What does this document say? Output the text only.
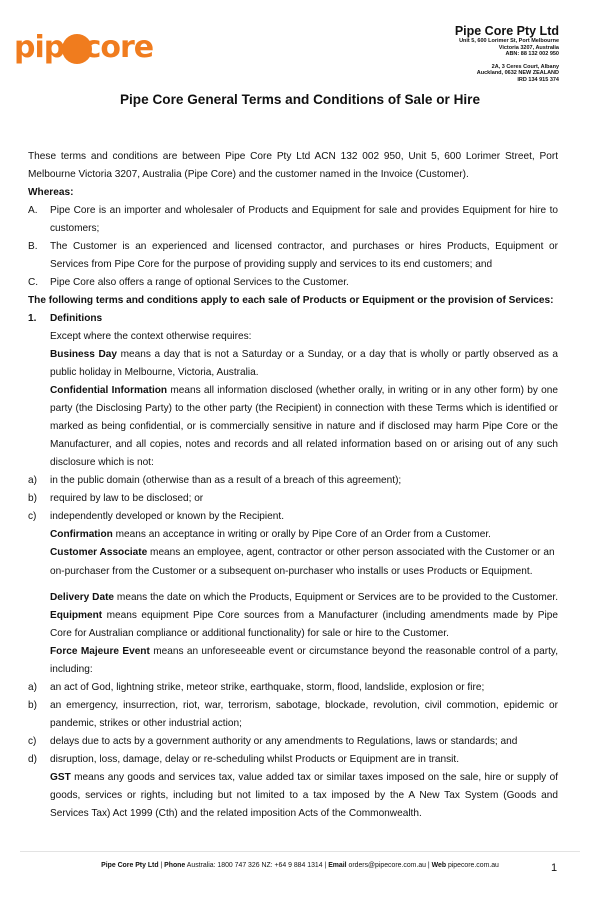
pipecore	Pipe Core Pty Ltd
Unit 5, 600 Lorimer St, Port Melbourne
Victoria 3207, Australia
ABN: 88 132 002 950
2A, 3 Ceres Court, Albany
Auckland, 0632 NEW ZEALAND
IRD 134 915 374
Pipe Core General Terms and Conditions of Sale or Hire

These terms and conditions are between Pipe Core Pty Ltd ACN 132 002 950, Unit 5, 600 Lorimer Street, Port Melbourne Victoria 3207, Australia (Pipe Core) and the customer named in the Invoice (Customer).

Whereas:

A.	Pipe Core is an importer and wholesaler of Products and Equipment for sale and provides Equipment for hire to customers;
B.	The Customer is an experienced and licensed contractor, and purchases or hires Products, Equipment or Services from Pipe Core for the purpose of providing supply and services to its end customers; and
C.	Pipe Core also offers a range of optional Services to the Customer.

The following terms and conditions apply to each sale of Products or Equipment or the provision of Services:

1.	Definitions

Except where the context otherwise requires:

Business Day means a day that is not a Saturday or a Sunday, or a day that is wholly or partly observed as a public holiday in Melbourne, Victoria, Australia.

Confidential Information means all information disclosed (whether orally, in writing or in any other form) by one party (the Disclosing Party) to the other party (the Recipient) in connection with these Terms which is identified or marked as being confidential, or is commercially sensitive in nature and if disclosed may harm Pipe Core or the Manufacturer, and all copies, notes and records and all related information based on or arising out of any such disclosure which is not:

a)	in the public domain (otherwise than as a result of a breach of this agreement);
b)	required by law to be disclosed; or
c)	independently developed or known by the Recipient.

Confirmation means an acceptance in writing or orally by Pipe Core of an Order from a Customer.

Customer Associate means an employee, agent, contractor or other person associated with the Customer or an on-purchaser from the Customer or a subsequent on-purchaser who installs or uses Products or Equipment.

Delivery Date means the date on which the Products, Equipment or Services are to be provided to the Customer. Equipment means equipment Pipe Core sources from a Manufacturer (including amendments made by Pipe Core for Australian compliance or additional functionality) for sale or hire to the Customer.

Force Majeure Event means an unforeseeable event or circumstance beyond the reasonable control of a party, including:

a)	an act of God, lightning strike, meteor strike, earthquake, storm, flood, landslide, explosion or fire;
b)	an emergency, insurrection, riot, war, terrorism, sabotage, blockade, revolution, civil commotion, epidemic or pandemic, strikes or other industrial action;
c)	delays due to acts by a government authority or any amendments to Regulations, laws or standards; and
d)	disruption, loss, damage, delay or re-scheduling whilst Products or Equipment are in transit.

GST means any goods and services tax, value added tax or similar taxes imposed on the sale, hire or supply of goods, services or rights, including but not limited to a tax imposed by the A New Tax System (Goods and Services Tax) Act 1999 (Cth) and the related imposition Acts of the Commonwealth.

Pipe Core Pty Ltd | Phone Australia: 1800 747 326 NZ: +64 9 884 1314 | Email orders@pipecore.com.au | Web pipecore.com.au	1
